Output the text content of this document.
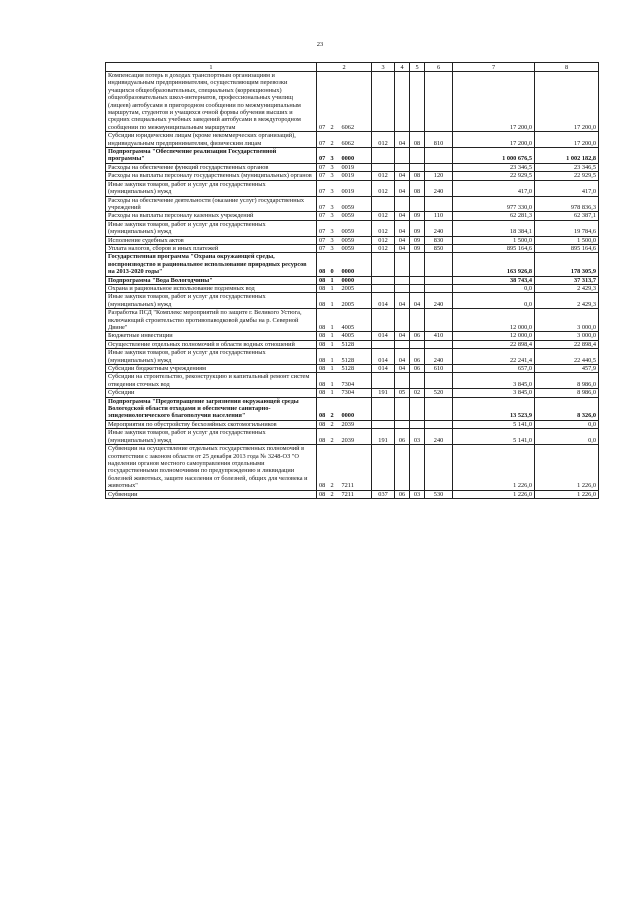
23
1	2			3	4	5	6	7	8
Компенсация потерь в доходах транспортным организациям и индивидуальным предпринимателям, осуществляющим перевозки учащихся общеобразовательных, специальных (коррекционных) общеобразовательных школ-интернатов, профессиональных училищ (лицеев) автобусами в пригородном сообщении по межмуниципальным маршрутам, студентов и учащихся очной формы обучения высших и средних специальных учебных заведений автобусами в междугородном сообщении по межмуниципальным маршрутам	07	2	6062					17 200,0	17 200,0
Субсидии юридическим лицам (кроме некоммерческих организаций), индивидуальным предпринимателям, физическим лицам	07	2	6062	012	04	08	810	17 200,0	17 200,0
Подпрограмма "Обеспечение реализации Государственной программы"	07	3	0000					1 000 676,5	1 002 182,8
Расходы на обеспечение функций государственных органов	07	3	0019					23 346,5	23 346,5
Расходы на выплаты персоналу государственных (муниципальных) органов	07	3	0019	012	04	08	120	22 929,5	22 929,5
Иные закупки товаров, работ и услуг для государственных (муниципальных) нужд	07	3	0019	012	04	08	240	417,0	417,0
Расходы на обеспечение деятельности (оказание услуг) государственных учреждений	07	3	0059					977 330,0	978 836,3
Расходы на выплаты персоналу казенных учреждений	07	3	0059	012	04	09	110	62 281,3	62 387,1
Иные закупки товаров, работ и услуг для государственных (муниципальных) нужд	07	3	0059	012	04	09	240	18 384,1	19 784,6
Исполнение судебных актов	07	3	0059	012	04	09	830	1 500,0	1 500,0
Уплата налогов, сборов и иных платежей	07	3	0059	012	04	09	850	895 164,6	895 164,6
Государственная программа "Охрана окружающей среды, воспроизводство и рациональное использование природных ресурсов на 2013-2020 годы"	08	0	0000					163 926,8	178 305,9
Подпрограмма "Вода Вологодчины"	08	1	0000					38 743,4	37 313,7
Охрана и рациональное использование подземных вод	08	1	2005					0,0	2 429,3
Иные закупки товаров, работ и услуг для государственных (муниципальных) нужд	08	1	2005	014	04	04	240	0,0	2 429,3
Разработка ПСД "Комплекс мероприятий по защите г. Великого Устюга, включающий строительство противопаводковой дамбы на р. Северной Двине"	08	1	4005					12 000,0	3 000,0
Бюджетные инвестиции	08	1	4005	014	04	06	410	12 000,0	3 000,0
Осуществление отдельных полномочий в области водных отношений	08	1	5128					22 898,4	22 898,4
Иные закупки товаров, работ и услуг для государственных (муниципальных) нужд	08	1	5128	014	04	06	240	22 241,4	22 440,5
Субсидии бюджетным учреждениям	08	1	5128	014	04	06	610	657,0	457,9
Субсидии на строительство, реконструкцию и капитальный ремонт систем отведения сточных вод	08	1	7304					3 845,0	8 986,0
Субсидии	08	1	7304	191	05	02	520	3 845,0	8 986,0
Подпрограмма "Предотвращение загрязнения окружающей среды Вологодской области отходами и обеспечение санитарно-эпидемиологического благополучия населения"	08	2	0000					13 523,9	8 326,0
Мероприятия по обустройству бесхозяйных скотомогильников	08	2	2039					5 141,0	0,0
Иные закупки товаров, работ и услуг для государственных (муниципальных) нужд	08	2	2039	191	06	03	240	5 141,0	0,0
Субвенции на осуществление отдельных государственных полномочий в соответствии с законом области от 25 декабря 2013 года № 3248-ОЗ "О наделении органов местного самоуправления отдельными государственными полномочиями по предупреждению и ликвидации болезней животных, защите населения от болезней, общих для человека и животных"	08	2	7211					1 226,0	1 226,0
Субвенции	08	2	7211	037	06	03	530	1 226,0	1 226,0
